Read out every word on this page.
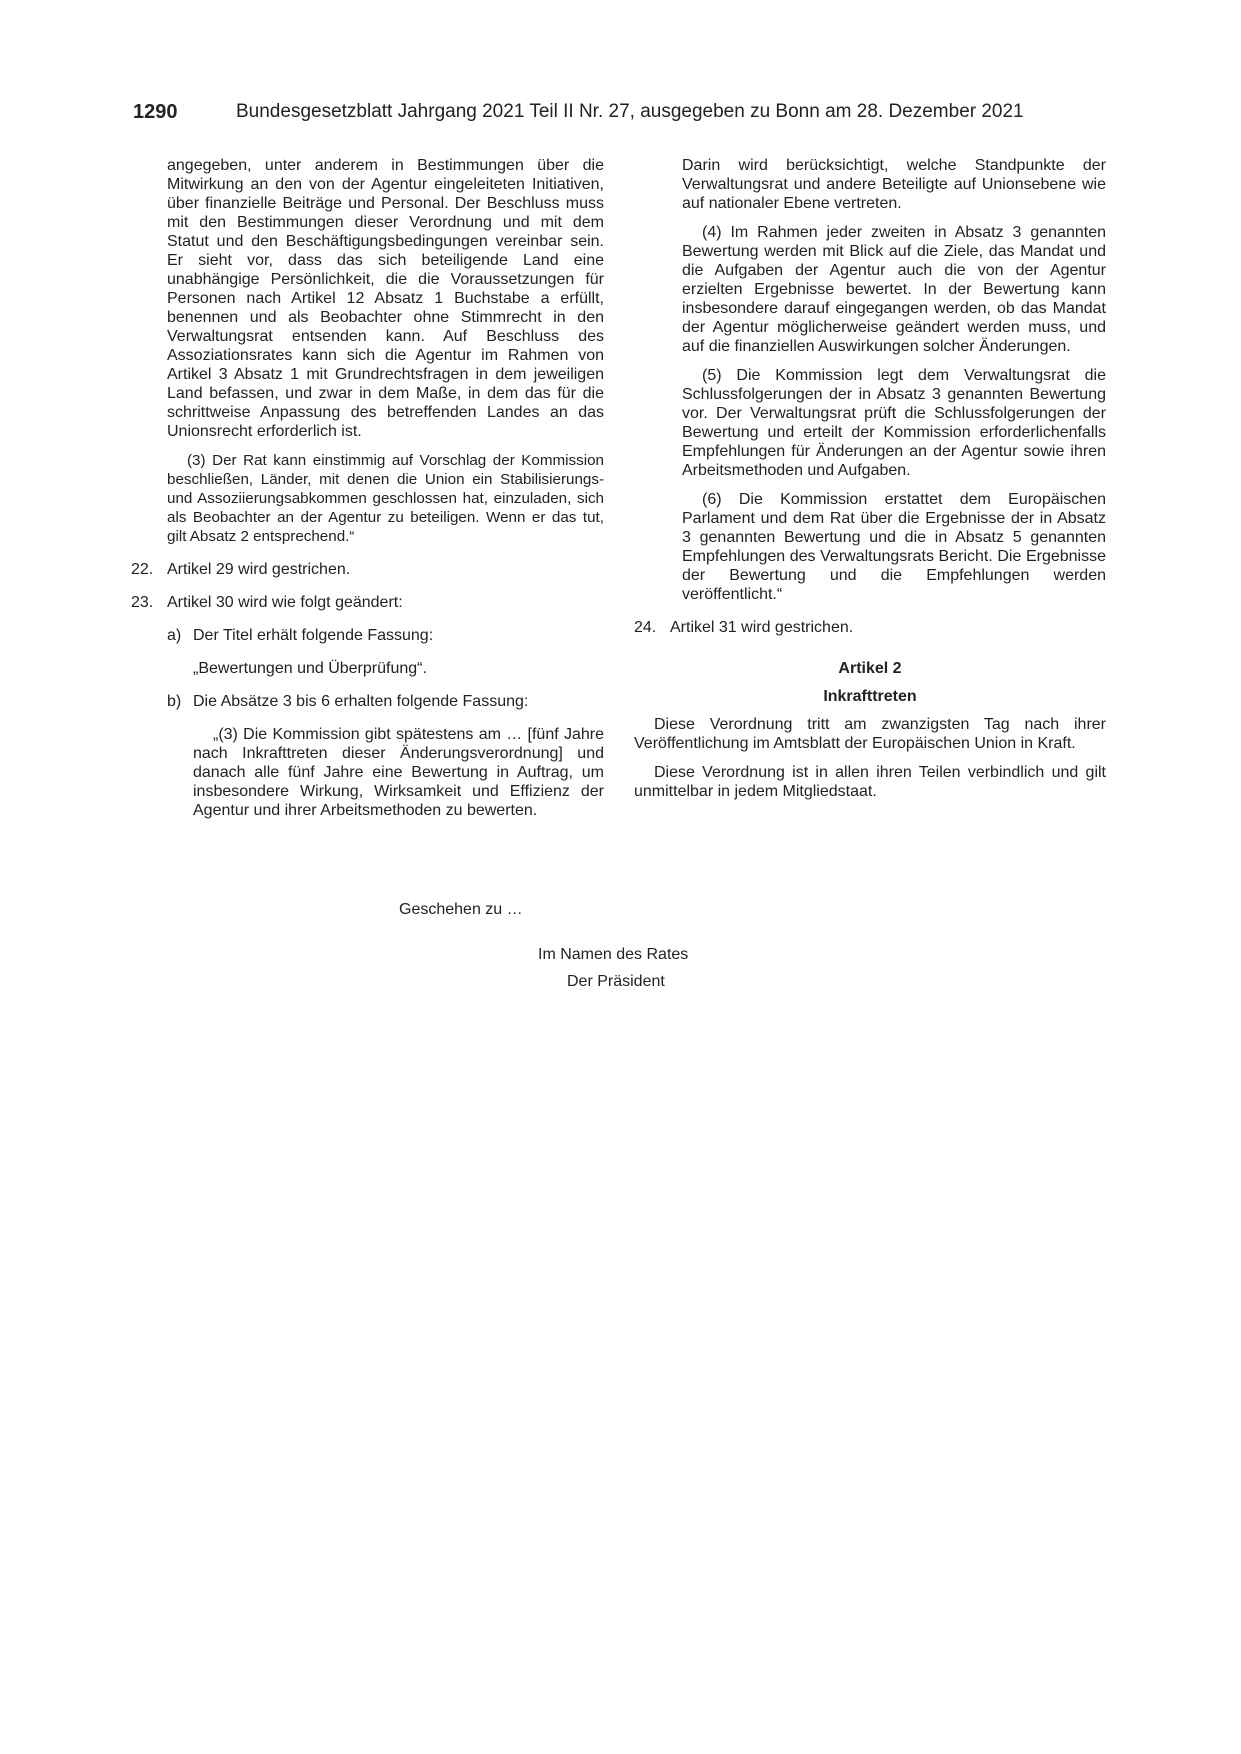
1290	Bundesgesetzblatt Jahrgang 2021 Teil II Nr. 27, ausgegeben zu Bonn am 28. Dezember 2021

angegeben, unter anderem in Bestimmungen über die Mitwirkung an den von der Agentur eingeleiteten Initiativen, über finanzielle Beiträge und Personal. Der Beschluss muss mit den Bestimmungen dieser Verordnung und mit dem Statut und den Beschäftigungsbedingungen vereinbar sein. Er sieht vor, dass das sich beteiligende Land eine unabhängige Persönlichkeit, die die Voraussetzungen für Personen nach Artikel 12 Absatz 1 Buchstabe a erfüllt, benennen und als Beobachter ohne Stimmrecht in den Verwaltungsrat entsenden kann. Auf Beschluss des Assoziationsrates kann sich die Agentur im Rahmen von Artikel 3 Absatz 1 mit Grundrechtsfragen in dem jeweiligen Land befassen, und zwar in dem Maße, in dem das für die schrittweise Anpassung des betreffenden Landes an das Unionsrecht erforderlich ist.

(3) Der Rat kann einstimmig auf Vorschlag der Kommission beschließen, Länder, mit denen die Union ein Stabilisierungs- und Assoziierungsabkommen geschlossen hat, einzuladen, sich als Beobachter an der Agentur zu beteiligen. Wenn er das tut, gilt Absatz 2 entsprechend.“

22. Artikel 29 wird gestrichen.

23. Artikel 30 wird wie folgt geändert:

a) Der Titel erhält folgende Fassung:

„Bewertungen und Überprüfung“.

b) Die Absätze 3 bis 6 erhalten folgende Fassung:

„(3) Die Kommission gibt spätestens am … [fünf Jahre nach Inkrafttreten dieser Änderungsverordnung] und danach alle fünf Jahre eine Bewertung in Auftrag, um insbesondere Wirkung, Wirksamkeit und Effizienz der Agentur und ihrer Arbeitsmethoden zu bewerten.

Darin wird berücksichtigt, welche Standpunkte der Verwaltungsrat und andere Beteiligte auf Unionsebene wie auf nationaler Ebene vertreten.

(4) Im Rahmen jeder zweiten in Absatz 3 genannten Bewertung werden mit Blick auf die Ziele, das Mandat und die Aufgaben der Agentur auch die von der Agentur erzielten Ergebnisse bewertet. In der Bewertung kann insbesondere darauf eingegangen werden, ob das Mandat der Agentur möglicherweise geändert werden muss, und auf die finanziellen Auswirkungen solcher Änderungen.

(5) Die Kommission legt dem Verwaltungsrat die Schlussfolgerungen der in Absatz 3 genannten Bewertung vor. Der Verwaltungsrat prüft die Schlussfolgerungen der Bewertung und erteilt der Kommission erforderlichenfalls Empfehlungen für Änderungen an der Agentur sowie ihren Arbeitsmethoden und Aufgaben.

(6) Die Kommission erstattet dem Europäischen Parlament und dem Rat über die Ergebnisse der in Absatz 3 genannten Bewertung und die in Absatz 5 genannten Empfehlungen des Verwaltungsrats Bericht. Die Ergebnisse der Bewertung und die Empfehlungen werden veröffentlicht.“

24. Artikel 31 wird gestrichen.

Artikel 2

Inkrafttreten

Diese Verordnung tritt am zwanzigsten Tag nach ihrer Veröffentlichung im Amtsblatt der Europäischen Union in Kraft.

Diese Verordnung ist in allen ihren Teilen verbindlich und gilt unmittelbar in jedem Mitgliedstaat.

Geschehen zu …
Im Namen des Rates
Der Präsident
